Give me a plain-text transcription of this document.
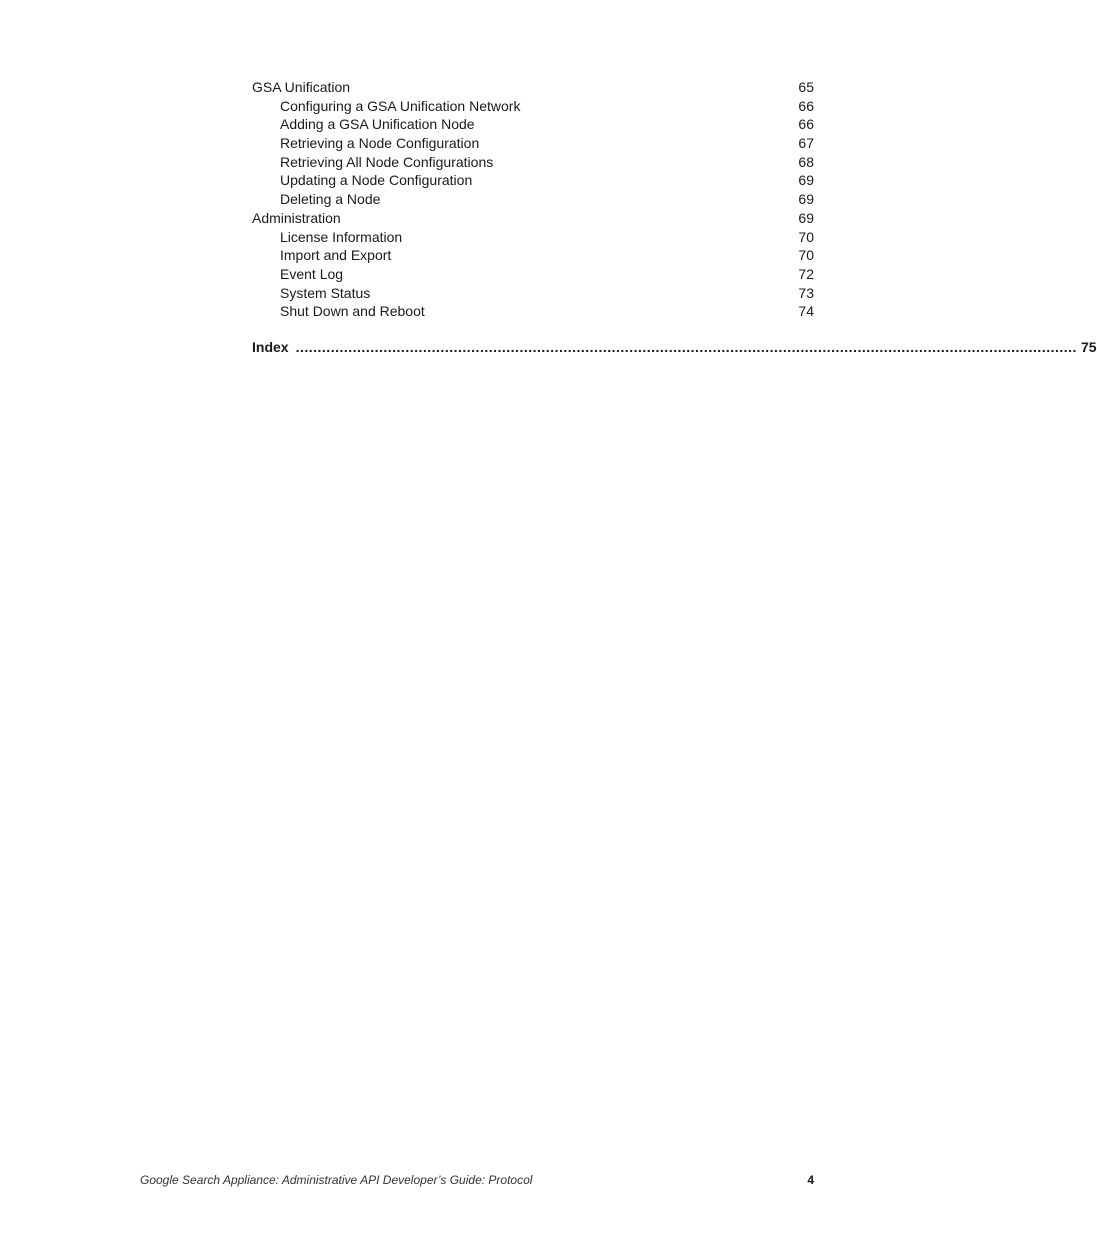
GSA Unification	65
Configuring a GSA Unification Network	66
Adding a GSA Unification Node	66
Retrieving a Node Configuration	67
Retrieving All Node Configurations	68
Updating a Node Configuration	69
Deleting a Node	69
Administration	69
License Information	70
Import and Export	70
Event Log	72
System Status	73
Shut Down and Reboot	74
Index .................................................................................................................................................................................. 75
Google Search Appliance: Administrative API Developer’s Guide: Protocol	4
